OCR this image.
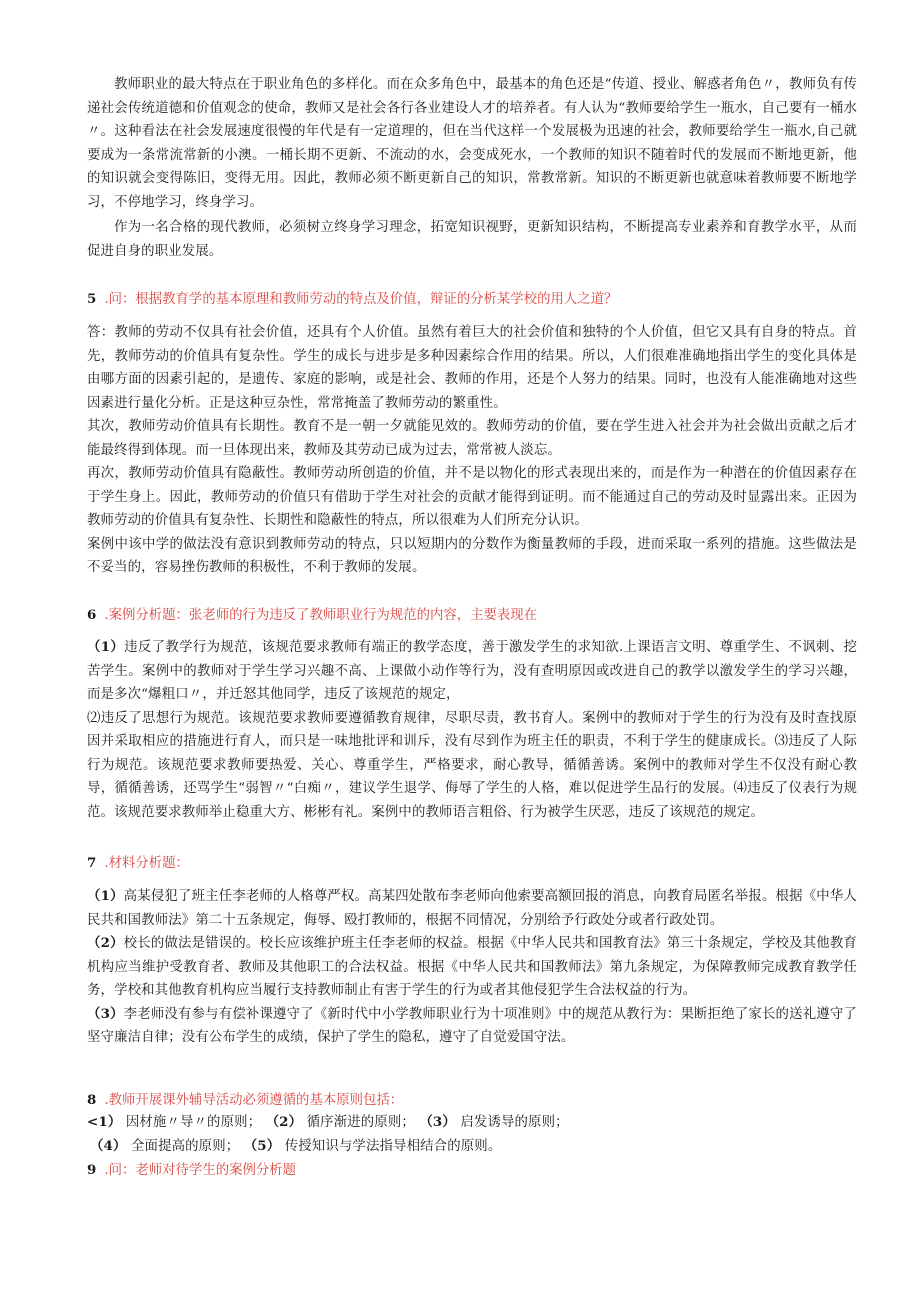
教师职业的最大特点在于职业角色的多样化。而在众多角色中，最基本的角色还是“传道、授业、解惑者角色〃，教师负有传递社会传统道德和价值观念的使命，教师又是社会各行各业建设人才的培养者。有人认为“教师要给学生一瓶水，自己要有一桶水〃。这种看法在社会发展速度很慢的年代是有一定道理的，但在当代这样一个发展极为迅速的社会，教师要给学生一瓶水,自己就要成为一条常流常新的小澳。一桶长期不更新、不流动的水，会变成死水，一个教师的知识不随着时代的发展而不断地更新，他的知识就会变得陈旧，变得无用。因此，教师必须不断更新自己的知识，常教常新。知识的不断更新也就意味着教师要不断地学习，不停地学习，终身学习。

作为一名合格的现代教师，必须树立终身学习理念，拓宽知识视野，更新知识结构，不断提高专业素养和育教学水平，从而促进自身的职业发展。

5 .问：根据教育学的基本原理和教师劳动的特点及价值，辩证的分析某学校的用人之道？

答：教师的劳动不仅具有社会价值，还具有个人价值。虽然有着巨大的社会价值和独特的个人价值，但它又具有自身的特点。首先，教师劳动的价值具有复杂性。学生的成长与进步是多种因素综合作用的结果。所以，人们很难准确地指出学生的变化具体是由哪方面的因素引起的，是遗传、家庭的影响，或是社会、教师的作用，还是个人努力的结果。同时，也没有人能准确地对这些因素进行量化分析。正是这种豆杂性，常常掩盖了教师劳动的繁重性。

其次，教师劳动价值具有长期性。教育不是一朝一夕就能见效的。教师劳动的价值，要在学生进入社会并为社会做出贡献之后才能最终得到体现。而一旦体现出来，教师及其劳动已成为过去，常常被人淡忘。

再次，教师劳动价值具有隐蔽性。教师劳动所创造的价值，并不是以物化的形式表现出来的，而是作为一种潜在的价值因素存在于学生身上。因此，教师劳动的价值只有借助于学生对社会的贡献才能得到证明。而不能通过自己的劳动及时显露出来。正因为教师劳动的价值具有复杂性、长期性和隐蔽性的特点，所以很难为人们所充分认识。

案例中该中学的做法没有意识到教师劳动的特点，只以短期内的分数作为衡量教师的手段，进而采取一系列的措施。这些做法是不妥当的，容易挫伤教师的积极性，不利于教师的发展。

6 .案例分析题：张老师的行为违反了教师职业行为规范的内容，主要表现在

（1）违反了教学行为规范，该规范要求教师有端正的教学态度，善于激发学生的求知欲.上课语言文明、尊重学生、不讽刺、挖苦学生。案例中的教师对于学生学习兴趣不高、上课做小动作等行为，没有查明原因或改进自己的教学以激发学生的学习兴趣，而是多次“爆粗口〃，并迁怒其他同学，违反了该规范的规定，

⑵违反了思想行为规范。该规范要求教师要遵循教育规律，尽职尽责，教书育人。案例中的教师对于学生的行为没有及时查找原因并采取相应的措施进行育人，而只是一味地批评和训斥，没有尽到作为班主任的职责，不利于学生的健康成长。⑶违反了人际行为规范。该规范要求教师要热爱、关心、尊重学生，严格要求，耐心教导，循循善诱。案例中的教师对学生不仅没有耐心教导，循循善诱，还骂学生“弱智〃“白痴〃，建议学生退学、侮辱了学生的人格，难以促进学生品行的发展。⑷违反了仪表行为规范。该规范要求教师举止稳重大方、彬彬有礼。案例中的教师语言粗俗、行为被学生厌恶，违反了该规范的规定。

7 .材料分析题：

（1）高某侵犯了班主任李老师的人格尊严权。高某四处散布李老师向他索要高额回报的消息，向教育局匿名举报。根据《中华人民共和国教师法》第二十五条规定，侮辱、殴打教师的，根据不同情况，分别给予行政处分或者行政处罚。

（2）校长的做法是错误的。校长应该维护班主任李老师的权益。根据《中华人民共和国教育法》第三十条规定，学校及其他教育机构应当维护受教育者、教师及其他职工的合法权益。根据《中华人民共和国教师法》第九条规定，为保障教师完成教育教学任务，学校和其他教育机构应当履行支持教师制止有害于学生的行为或者其他侵犯学生合法权益的行为。

（3）李老师没有参与有偿补课遵守了《新时代中小学教师职业行为十项准则》中的规范从教行为：果断拒绝了家长的送礼遵守了坚守廉洁自律；没有公布学生的成绩，保护了学生的隐私，遵守了自觉爱国守法。

8 .教师开展课外辅导活动必须遵循的基本原则包括：

<1） 因材施〃导〃的原则； （2） 循序渐进的原则； （3） 启发诱导的原则；

（4） 全面提高的原则； （5） 传授知识与学法指导相结合的原则。

9 .问：老师对待学生的案例分析题
